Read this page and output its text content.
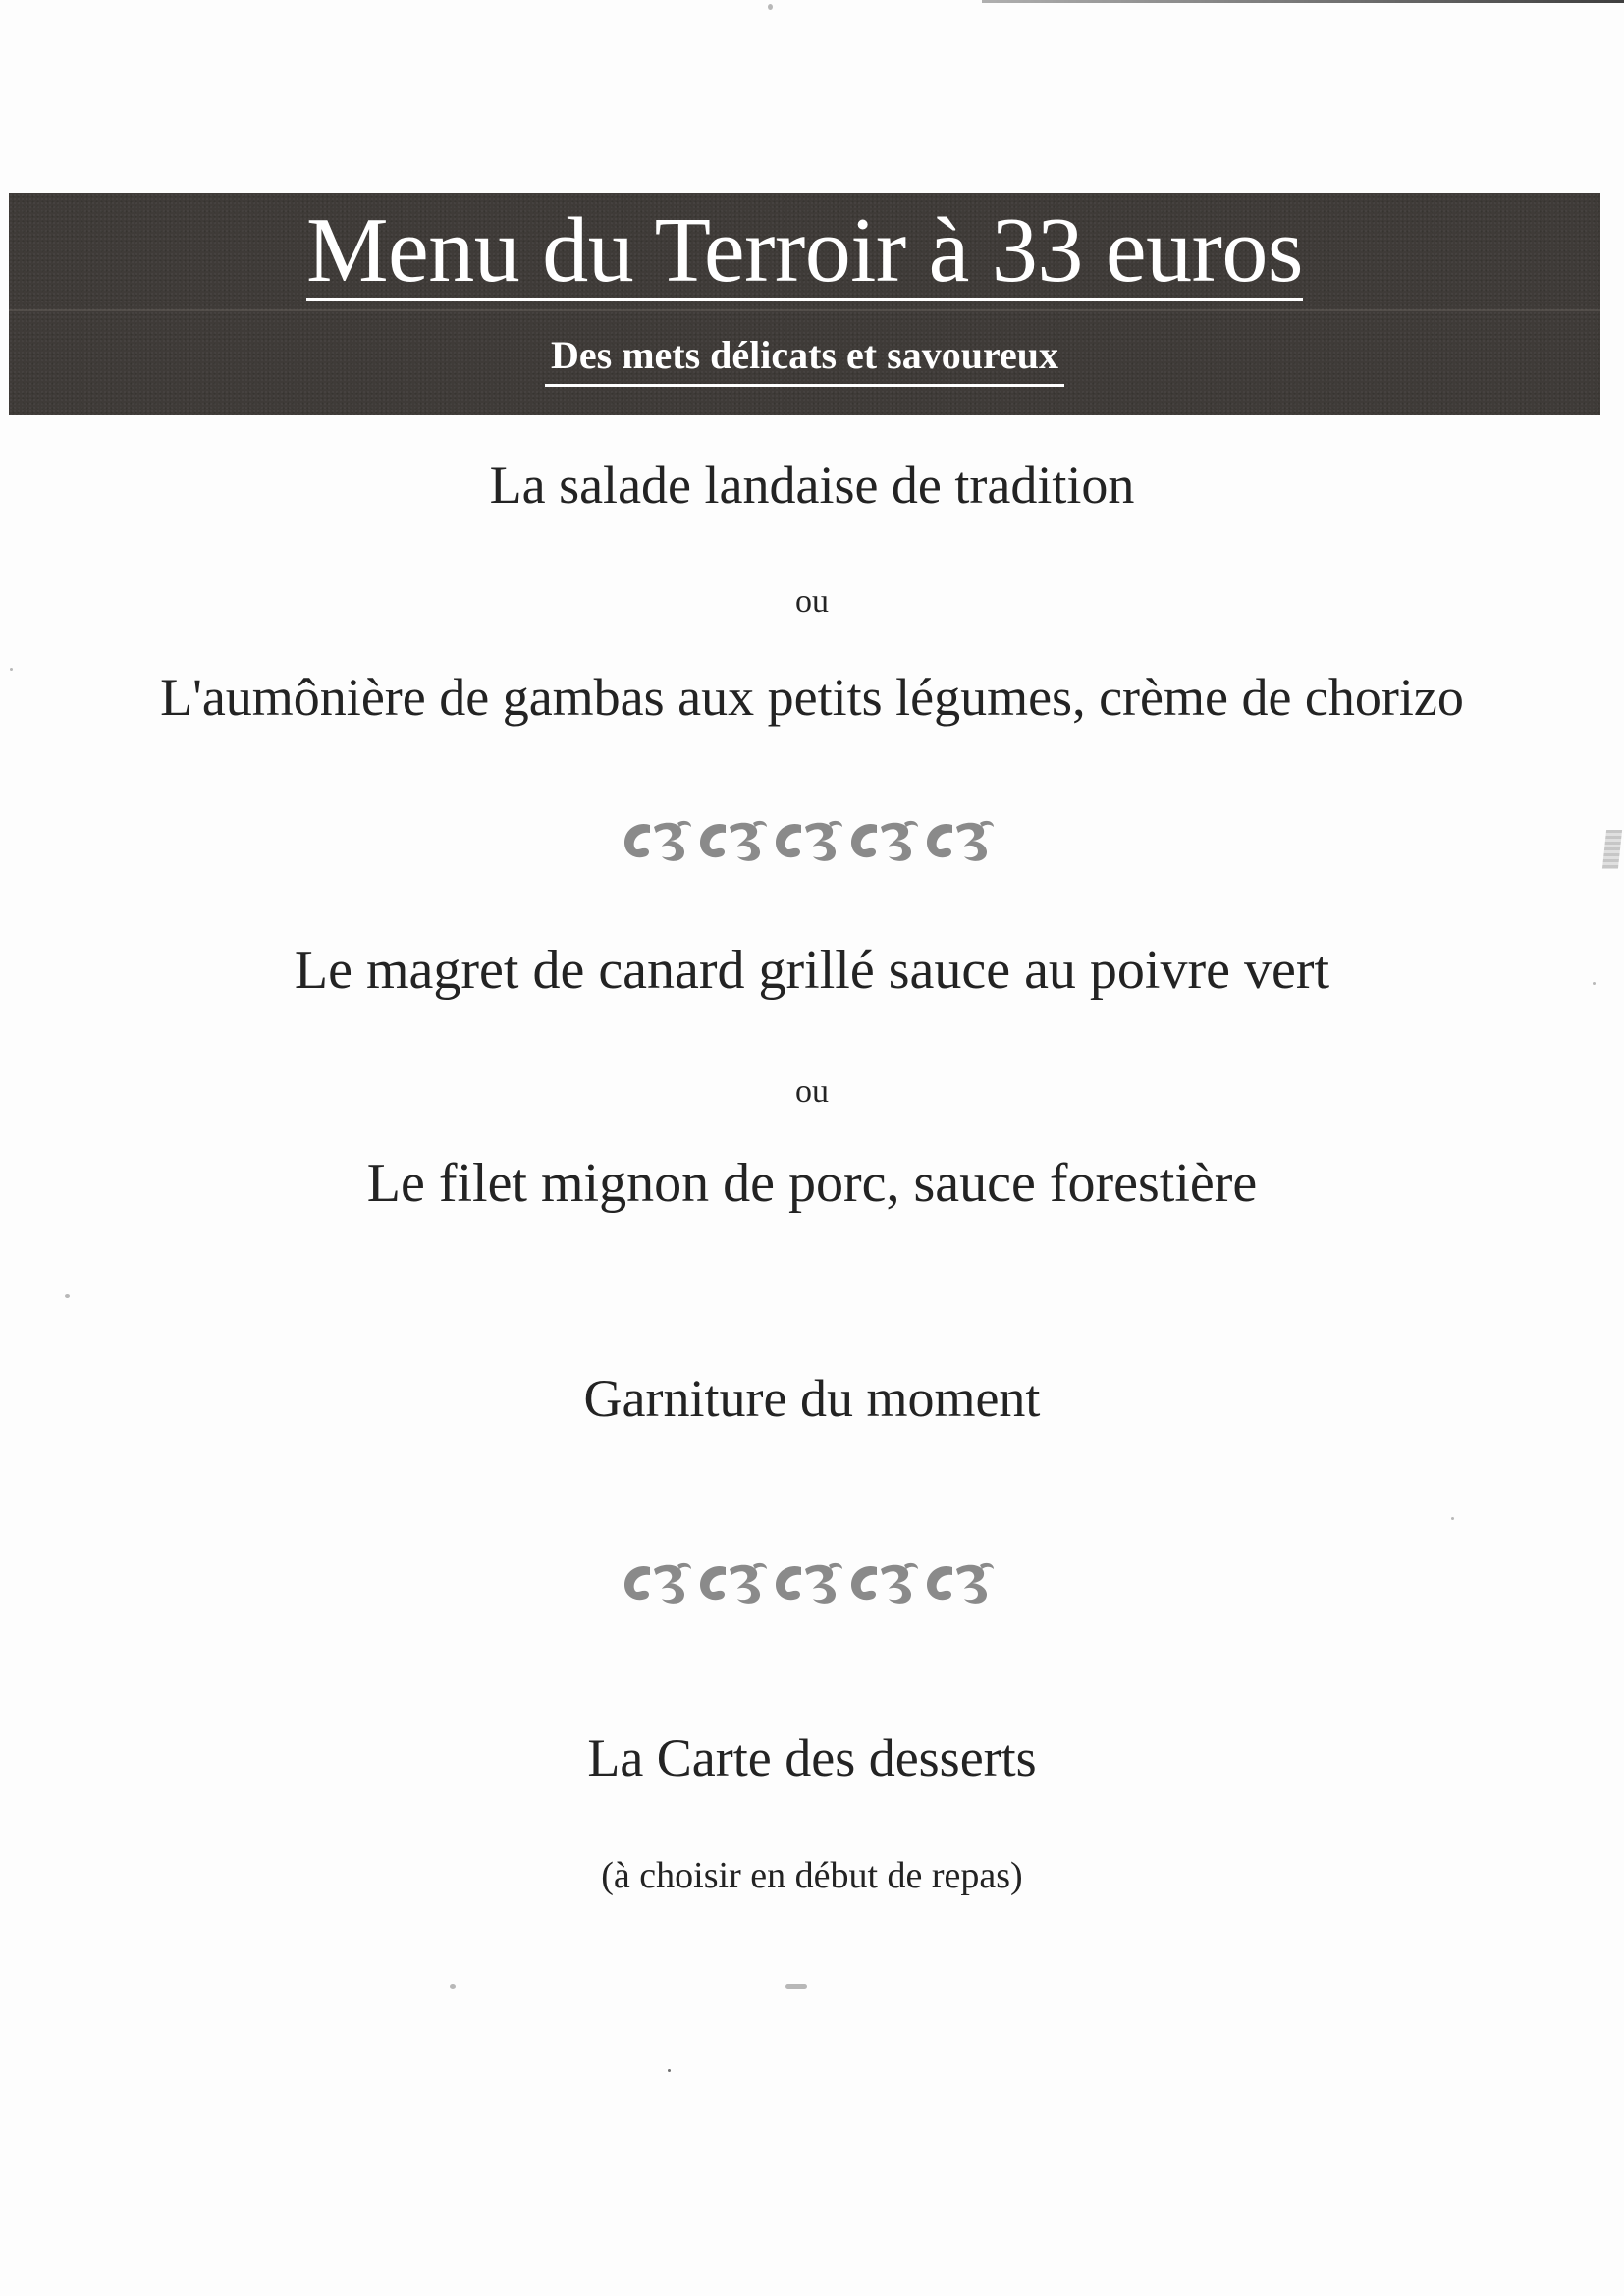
Menu du Terroir à 33 euros
Des mets délicats et savoureux
La salade landaise de tradition
ou
L'aumônière de gambas aux petits légumes, crème de chorizo
Le magret de canard grillé sauce au poivre vert
ou
Le filet mignon de porc, sauce forestière
Garniture du moment
La Carte des desserts
(à choisir en début de repas)
